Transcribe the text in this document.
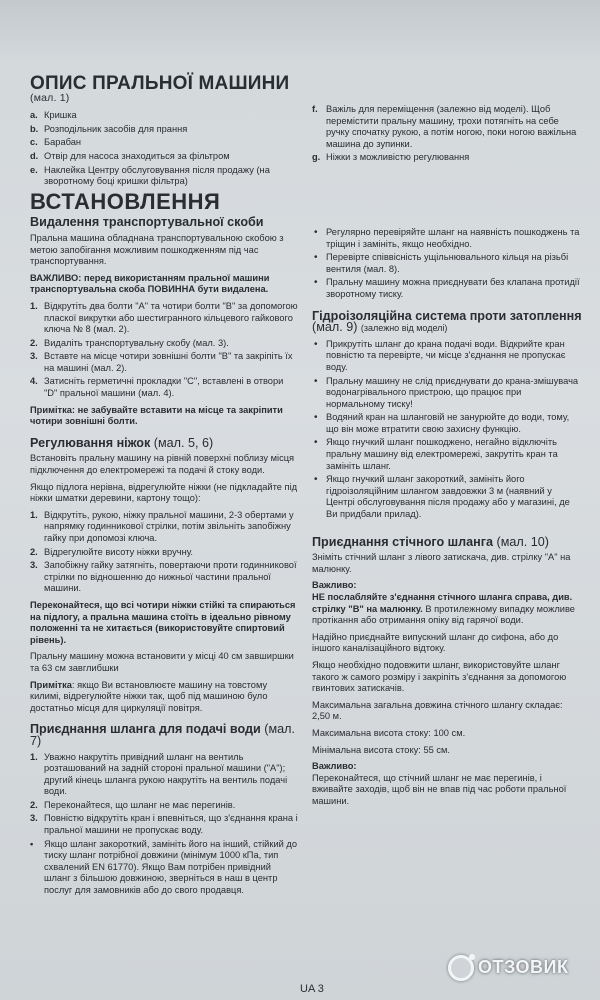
ОПИС ПРАЛЬНОЇ МАШИНИ (мал. 1)
a. Кришка
b. Розподільник засобів для прання
c. Барабан
d. Отвір для насоса знаходиться за фільтром
e. Наклейка Центру обслуговування після продажу (на зворотному боці кришки фільтра)
ВСТАНОВЛЕННЯ
Видалення транспортувальної скоби

Пральна машина обладнана транспортувальною скобою з метою запобігання можливим пошкодженням під час транспортування.

ВАЖЛИВО: перед використанням пральної машини транспортувальна скоба ПОВИННА бути видалена.

1. Відкрутіть два болти "A" та чотири болти "B" за допомогою пласкої викрутки або шестигранного кільцевого гайкового ключа № 8 (мал. 2).
2. Видаліть транспортувальну скобу (мал. 3).
3. Вставте на місце чотири зовнішні болти "B" та закріпіть їх на машині (мал. 2).
4. Затисніть герметичні прокладки "C", вставлені в отвори "D" пральної машини (мал. 4).

Примітка: не забувайте вставити на місце та закріпити чотири зовнішні болти.

Регулювання ніжок (мал. 5, 6)

Встановіть пральну машину на рівній поверхні поблизу місця підключення до електромережі та подачі й стоку води.

Якщо підлога нерівна, відрегулюйте ніжки (не підкладайте під ніжки шматки деревини, картону тощо):

1. Відкрутіть, рукою, ніжку пральної машини, 2-3 обертами у напрямку годинникової стрілки, потім звільніть запобіжну гайку при допомозі ключа.
2. Відрегулюйте висоту ніжки вручну.
3. Запобіжну гайку затягніть, повертаючи проти годинникової стрілки по відношенню до нижньої частини пральної машини.

Переконайтеся, що всі чотири ніжки стійкі та спираються на підлогу, а пральна машина стоїть в ідеально рівному положенні та не хитається (використовуйте спиртовий рівень).

Пральну машину можна встановити у місці 40 см завширшки та 63 см завглибшки

Примітка: якщо Ви встановлюєте машину на товстому килимі, відрегулюйте ніжки так, щоб під машиною було достатньо місця для циркуляції повітря.

Приєднання шланга для подачі води (мал. 7)
1. Уважно накрутіть привідний шланг на вентиль розташований на задній стороні пральної машини ("A"); другий кінець шланга рукою накрутіть на вентиль подачі води.
2. Переконайтеся, що шланг не має перегинів.
3. Повністю відкрутіть кран і впевніться, що з'єднання крана і пральної машини не пропускає воду.
• Якщо шланг закороткий, замініть його на інший, стійкий до тиску шланг потрібної довжини (мінімум 1000 кПа, тип схвалений EN 61770). Якщо Вам потрібен привідний шланг з більшою довжиною, зверніться в наш в центр послуг для замовників або до свого продавця.
f. Важіль для переміщення (залежно від моделі). Щоб перемістити пральну машину, трохи потягніть на себе ручку спочатку рукою, а потім ногою, поки ногою важільна машина до зупинки.
g. Ніжки з можливістю регулювання
• Регулярно перевіряйте шланг на наявність пошкоджень та тріщин і замініть, якщо необхідно.
• Перевірте співвісність ущільнювального кільця на різьбі вентиля (мал. 8).
• Пральну машину можна приєднувати без клапана протидії зворотному тиску.
Гідроізоляційна система проти затоплення (мал. 9) (залежно від моделі)
• Прикрутіть шланг до крана подачі води. Відкрийте кран повністю та перевірте, чи місце з'єднання не пропускає воду.
• Пральну машину не слід приєднувати до крана-змішувача водонагрівального пристрою, що працює при нормальному тиску!
• Водяний кран на шланговій не занурюйте до води, тому, що він може втратити свою захисну функцію.
• Якщо гнучкий шланг пошкоджено, негайно відключіть пральну машину від електромережі, закрутіть кран та замініть шланг.
• Якщо гнучкий шланг закороткий, замініть його гідроізоляційним шлангом завдовжки 3 м (наявний у Центрі обслуговування після продажу або у магазині, де Ви придбали прилад).
Приєднання стічного шланга (мал. 10)

Зніміть стічний шланг з лівого затискача, див. стрілку "A" на малюнку.

Важливо:
НЕ послабляйте з'єднання стічного шланга справа, див. стрілку "B" на малюнку. В протилежному випадку можливе протікання або отримання опіку від гарячої води.

Надійно приєднайте випускний шланг до сифона, або до іншого каналізаційного відтоку.

Якщо необхідно подовжити шланг, використовуйте шланг такого ж самого розміру і закріпіть з'єднання за допомогою гвинтових затискачів.

Максимальна загальна довжина стічного шлангу складає: 2,50 м.

Максимальна висота стоку: 100 см.

Мінімальна висота стоку: 55 см.

Важливо:
Переконайтеся, що стічний шланг не має перегинів, і вживайте заходів, щоб він не впав під час роботи пральної машини.

UA 3
ОТЗОВИК
